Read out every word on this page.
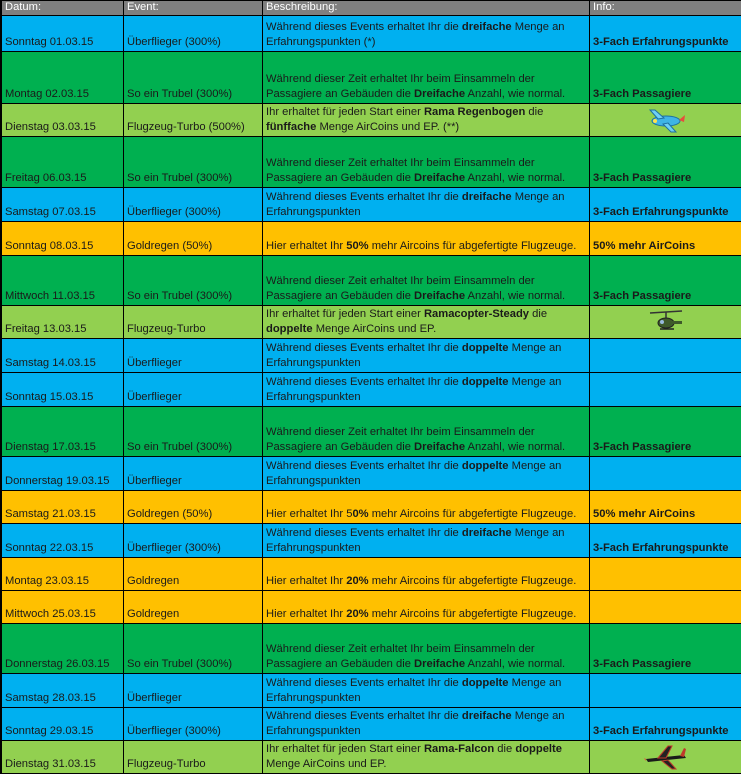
Datum:	Event:	Beschreibung:	Info:
Sonntag 01.03.15	Überflieger (300%)	Während dieses Events erhaltet Ihr die dreifache Menge an Erfahrungspunkten (*)	3-Fach Erfahrungspunkte
Montag 02.03.15	So ein Trubel (300%)	Während dieser Zeit erhaltet Ihr beim Einsammeln der Passagiere an Gebäuden die Dreifache Anzahl, wie normal.	3-Fach Passagiere
Dienstag 03.03.15	Flugzeug-Turbo (500%)	Ihr erhaltet für jeden Start einer Rama Regenbogen die fünffache Menge AirCoins und EP. (**)

Freitag 06.03.15	So ein Trubel (300%)	Während dieser Zeit erhaltet Ihr beim Einsammeln der Passagiere an Gebäuden die Dreifache Anzahl, wie normal.	3-Fach Passagiere
Samstag 07.03.15	Überflieger (300%)	Während dieses Events erhaltet Ihr die dreifache Menge an Erfahrungspunkten	3-Fach Erfahrungspunkte
Sonntag 08.03.15	Goldregen (50%)	Hier erhaltet Ihr 50% mehr Aircoins für abgefertigte Flugzeuge.	50% mehr AirCoins
Mittwoch 11.03.15	So ein Trubel (300%)	Während dieser Zeit erhaltet Ihr beim Einsammeln der Passagiere an Gebäuden die Dreifache Anzahl, wie normal.	3-Fach Passagiere
Freitag 13.03.15	Flugzeug-Turbo	Ihr erhaltet für jeden Start einer Ramacopter-Steady die doppelte Menge AirCoins und EP.

Samstag 14.03.15	Überflieger	Während dieses Events erhaltet Ihr die doppelte Menge an Erfahrungspunkten	

Sonntag 15.03.15	Überflieger	Während dieses Events erhaltet Ihr die doppelte Menge an Erfahrungspunkten	

Dienstag 17.03.15	So ein Trubel (300%)	Während dieser Zeit erhaltet Ihr beim Einsammeln der Passagiere an Gebäuden die Dreifache Anzahl, wie normal.	3-Fach Passagiere
Donnerstag 19.03.15	Überflieger	Während dieses Events erhaltet Ihr die doppelte Menge an Erfahrungspunkten	

Samstag 21.03.15	Goldregen (50%)	Hier erhaltet Ihr 50% mehr Aircoins für abgefertigte Flugzeuge.	50% mehr AirCoins
Sonntag 22.03.15	Überflieger (300%)	Während dieses Events erhaltet Ihr die dreifache Menge an Erfahrungspunkten	3-Fach Erfahrungspunkte
Montag 23.03.15	Goldregen	Hier erhaltet Ihr 20% mehr Aircoins für abgefertigte Flugzeuge.	

Mittwoch 25.03.15	Goldregen	Hier erhaltet Ihr 20% mehr Aircoins für abgefertigte Flugzeuge.	

Donnerstag 26.03.15	So ein Trubel (300%)	Während dieser Zeit erhaltet Ihr beim Einsammeln der Passagiere an Gebäuden die Dreifache Anzahl, wie normal.	3-Fach Passagiere
Samstag 28.03.15	Überflieger	Während dieses Events erhaltet Ihr die doppelte Menge an Erfahrungspunkten	

Sonntag 29.03.15	Überflieger (300%)	Während dieses Events erhaltet Ihr die dreifache Menge an Erfahrungspunkten	3-Fach Erfahrungspunkte
Dienstag 31.03.15	Flugzeug-Turbo	Ihr erhaltet für jeden Start einer Rama-Falcon die doppelte Menge AirCoins und EP.
